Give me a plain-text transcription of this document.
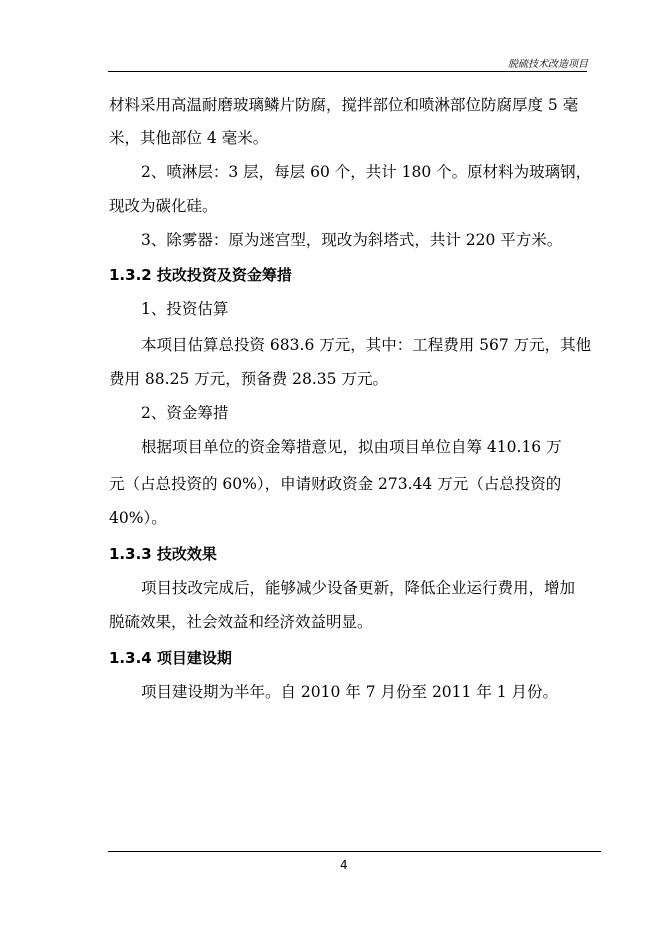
脱硫技术改造项目
材料采用高温耐磨玻璃鳞片防腐，搅拌部位和喷淋部位防腐厚度 5 毫
米，其他部位 4 毫米。
2、喷淋层：3 层，每层 60 个，共计 180 个。原材料为玻璃钢，
现改为碳化硅。
3、除雾器：原为迷宫型，现改为斜塔式，共计 220 平方米。
1.3.2 技改投资及资金筹措
1、投资估算
本项目估算总投资 683.6 万元，其中：工程费用 567 万元，其他
费用 88.25 万元，预备费 28.35 万元。
2、资金筹措
根据项目单位的资金筹措意见，拟由项目单位自筹 410.16 万
元（占总投资的 60%），申请财政资金 273.44 万元（占总投资的
40%）。
1.3.3 技改效果
项目技改完成后，能够减少设备更新，降低企业运行费用，增加
脱硫效果，社会效益和经济效益明显。
1.3.4 项目建设期
项目建设期为半年。自 2010 年 7 月份至 2011 年 1 月份。
4
